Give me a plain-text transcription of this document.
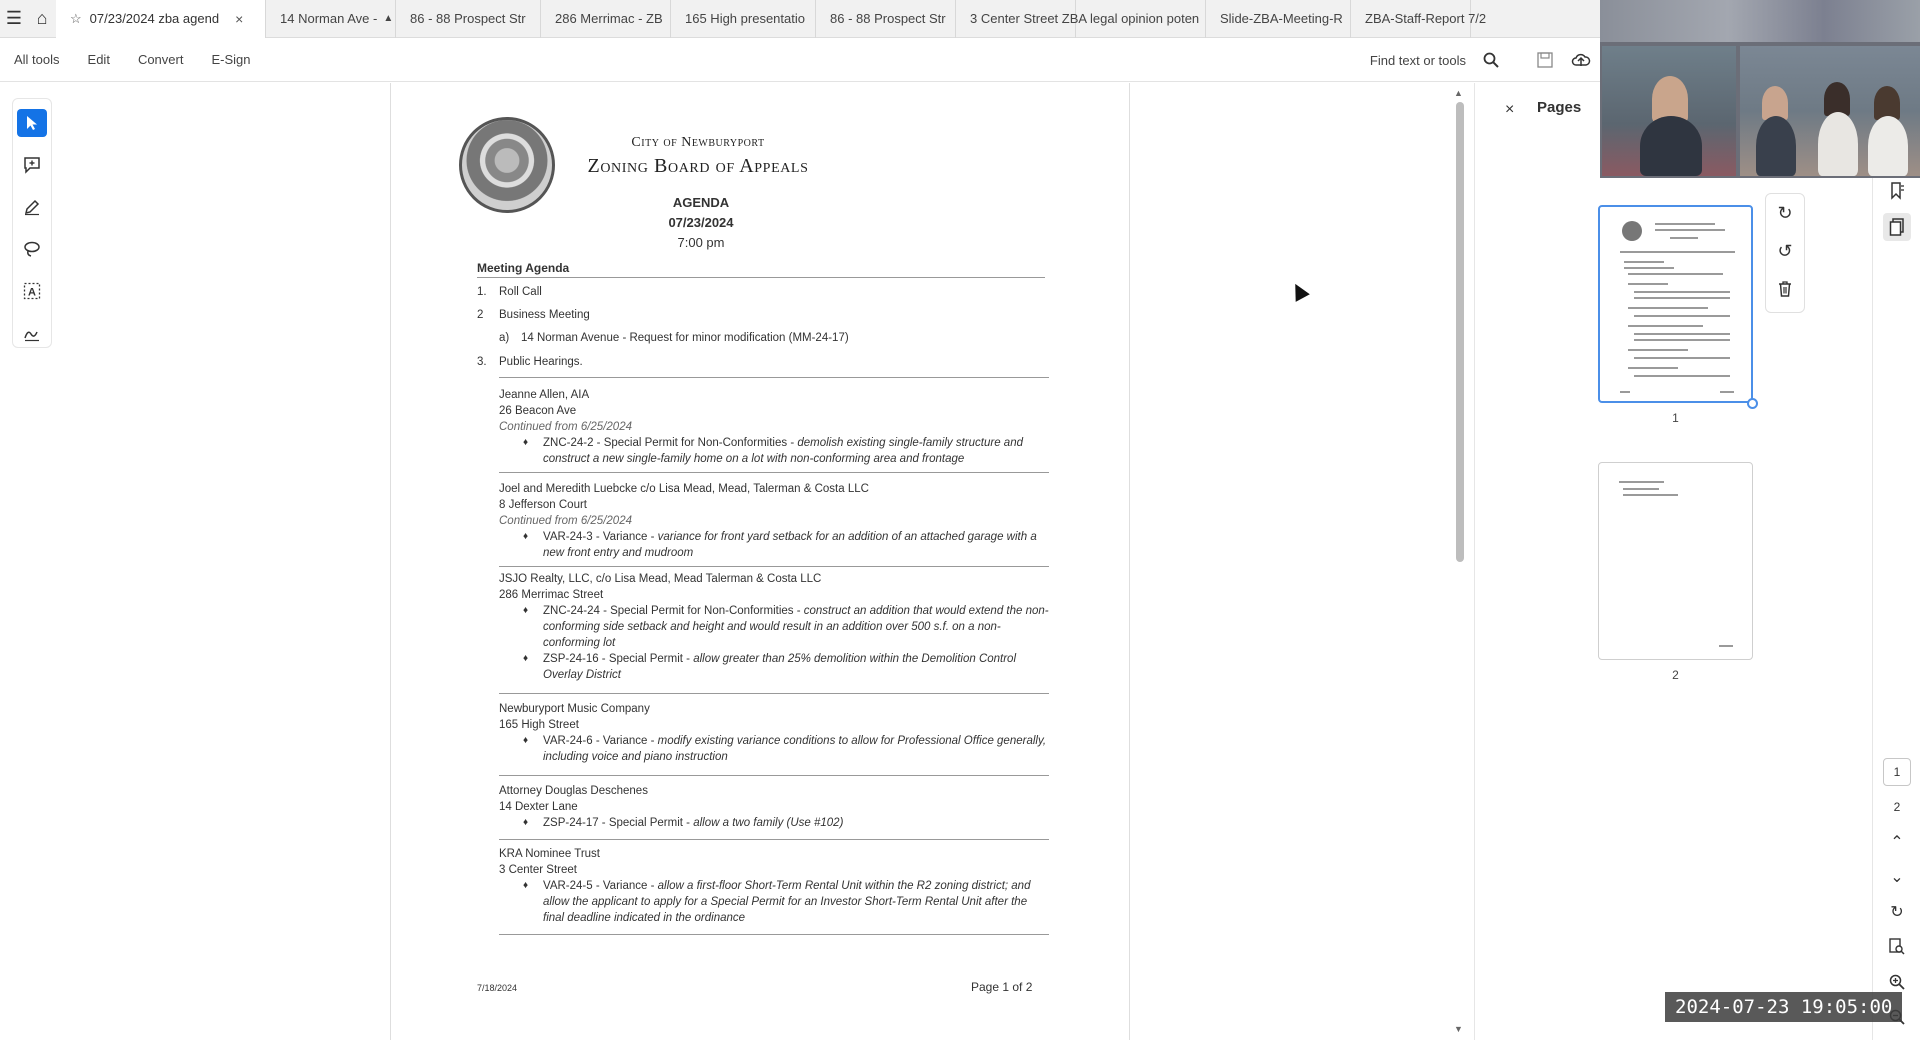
☰ ⌂	☆ 07/23/2024 zba agend ×	14 Norman Ave - ▲ 86 - 88 Prospect Str 286 Merrimac - ZB 165 High presentatio 86 - 88 Prospect Str 3 Center Street ZBA legal opinion poten Slide-ZBA-Meeting-R ZBA-Staff-Report 7/2
All tools	Edit	Convert	E-Sign	Find text or tools
A
City of Newburyport
Zoning Board of Appeals
AGENDA
07/23/2024
7:00 pm
Meeting Agenda
1. Roll Call
2 Business Meeting
a) 14 Norman Avenue - Request for minor modification (MM-24-17)
3. Public Hearings.
Jeanne Allen, AIA
26 Beacon Ave
Continued from 6/25/2024
♦ ZNC-24-2 - Special Permit for Non-Conformities - demolish existing single-family structure and construct a new single-family home on a lot with non-conforming area and frontage
Joel and Meredith Luebcke c/o Lisa Mead, Mead, Talerman & Costa LLC
8 Jefferson Court
Continued from 6/25/2024
♦ VAR-24-3 - Variance - variance for front yard setback for an addition of an attached garage with a new front entry and mudroom
JSJO Realty, LLC, c/o Lisa Mead, Mead Talerman & Costa LLC
286 Merrimac Street
♦ ZNC-24-24 - Special Permit for Non-Conformities - construct an addition that would extend the non-conforming side setback and height and would result in an addition over 500 s.f. on a non-conforming lot
♦ ZSP-24-16 - Special Permit - allow greater than 25% demolition within the Demolition Control Overlay District
Newburyport Music Company
165 High Street
♦ VAR-24-6 - Variance - modify existing variance conditions to allow for Professional Office generally, including voice and piano instruction
Attorney Douglas Deschenes
14 Dexter Lane
♦ ZSP-24-17 - Special Permit - allow a two family (Use #102)
KRA Nominee Trust
3 Center Street
♦ VAR-24-5 - Variance - allow a first-floor Short-Term Rental Unit within the R2 zoning district; and allow the applicant to apply for a Special Permit for an Investor Short-Term Rental Unit after the final deadline indicated in the ordinance
7/18/2024	Page 1 of 2
▲
▼
× Pages
1
↻
↺
2
1
2
⌃
⌄
↻
2024-07-23 19:05:00
